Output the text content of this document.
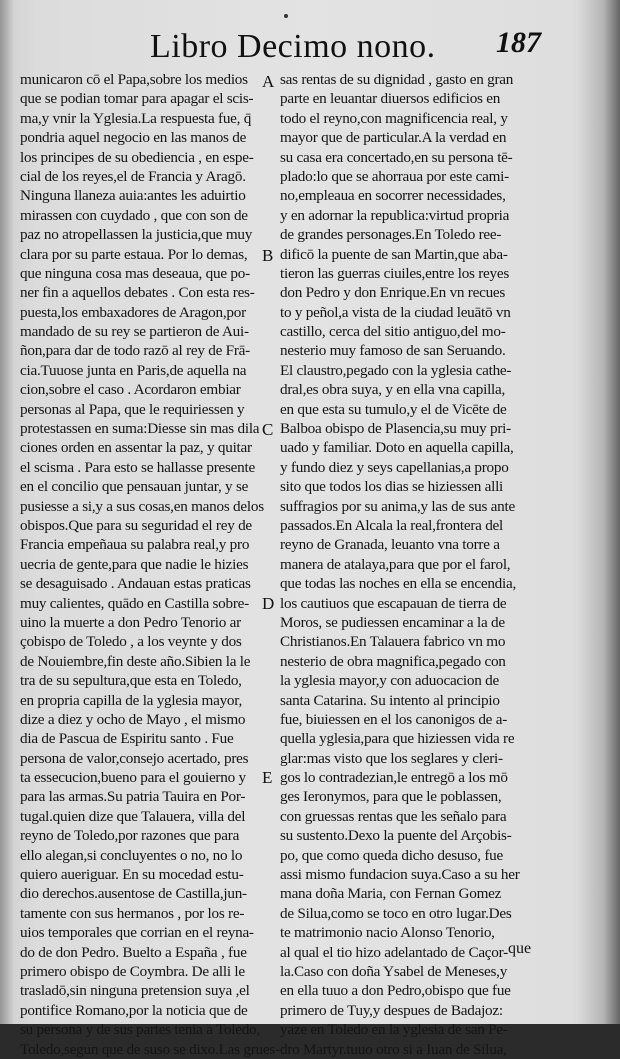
Libro Decimo nono. 187
municaron cō el Papa,sobre los medios
que se podian tomar para apagar el scis-
ma,y vnir la Yglesia.La respuesta fue, q̄
pondria aquel negocio en las manos de
los principes de su obediencia , en espe-
cial de los reyes,el de Francia y Aragō.
Ninguna llaneza auia:antes les aduirtio
mirassen con cuydado , que con son de
paz no atropellassen la justicia,que muy
clara por su parte estaua. Por lo demas,
que ninguna cosa mas deseaua, que po-
ner fin a aquellos debates . Con esta res-
puesta,los embaxadores de Aragon,por
mandado de su rey se partieron de Aui-
ñon,para dar de todo razō al rey de Frā-
cia.Tuuose junta en Paris,de aquella na
cion,sobre el caso . Acordaron embiar
personas al Papa, que le requiriessen y
protestassen en suma:Diesse sin mas dila
ciones orden en assentar la paz, y quitar
el scisma . Para esto se hallasse presente
en el concilio que pensauan juntar, y se
pusiesse a si,y a sus cosas,en manos delos
obispos.Que para su seguridad el rey de
Francia empeñaua su palabra real,y pro
uecria de gente,para que nadie le hizies
se desaguisado . Andauan estas praticas
muy calientes, quādo en Castilla sobre-
uino la muerte a don Pedro Tenorio ar
çobispo de Toledo , a los veynte y dos
de Nouiembre,fin deste año.Sibien la le
tra de su sepultura,que esta en Toledo,
en propria capilla de la yglesia mayor,
dize a diez y ocho de Mayo , el mismo
dia de Pascua de Espiritu santo . Fue
persona de valor,consejo acertado, pres
ta essecucion,bueno para el gouierno y
para las armas.Su patria Tauira en Por-
tugal.quien dize que Talauera, villa del
reyno de Toledo,por razones que para
ello alegan,si concluyentes o no, no lo
quiero aueriguar. En su mocedad estu-
dio derechos.ausentose de Castilla,jun-
tamente con sus hermanos , por los re-
uios temporales que corrian en el reyna-
do de don Pedro. Buelto a España , fue
primero obispo de Coymbra. De alli le
trasladō,sin ninguna pretension suya ,el
pontifice Romano,por la noticia que de
su persona y de sus partes tenia a Toledo,
Toledo,segun que de suso se dixo.Las grues-
sas rentas de su dignidad , gasto en gran
parte en leuantar diuersos edificios en
todo el reyno,con magnificencia real, y
mayor que de particular.A la verdad en
su casa era concertado,en su persona tē-
plado:lo que se ahorraua por este cami-
no,empleaua en socorrer necessidades,
y en adornar la republica:virtud propria
de grandes personages.En Toledo ree-
dificō la puente de san Martin,que aba-
tieron las guerras ciuiles,entre los reyes
don Pedro y don Enrique.En vn recues
to y peñol,a vista de la ciudad leuātō vn
castillo, cerca del sitio antiguo,del mo-
nesterio muy famoso de san Seruando.
El claustro,pegado con la yglesia cathe-
dral,es obra suya, y en ella vna capilla,
en que esta su tumulo,y el de Vicēte de
Balboa obispo de Plasencia,su muy pri-
uado y familiar. Doto en aquella capilla,
y fundo diez y seys capellanias,a propo
sito que todos los dias se hiziessen alli
suffragios por su anima,y las de sus ante
passados.En Alcala la real,frontera del
reyno de Granada, leuanto vna torre a
manera de atalaya,para que por el farol,
que todas las noches en ella se encendia,
los cautiuos que escapauan de tierra de
Moros, se pudiessen encaminar a la de
Christianos.En Talauera fabrico vn mo
nesterio de obra magnifica,pegado con
la yglesia mayor,y con aduocacion de
santa Catarina. Su intento al principio
fue, biuiessen en el los canonigos de a-
quella yglesia,para que hiziessen vida re
glar:mas visto que los seglares y cleri-
gos lo contradezian,le entregō a los mō
ges Ieronymos, para que le poblassen,
con gruessas rentas que les señalo para
su sustento.Dexo la puente del Arçobis-
po, que como queda dicho desuso, fue
assi mismo fundacion suya.Caso a su her
mana doña Maria, con Fernan Gomez
de Silua,como se toco en otro lugar.Des
te matrimonio nacio Alonso Tenorio,
al qual el tio hizo adelantado de Caçor-
la.Caso con doña Ysabel de Meneses,y
en ella tuuo a don Pedro,obispo que fue
primero de Tuy,y despues de Badajoz:
yaze en Toledo en la yglesia de san Pe-
dro Martyr.tuuo otro si a Iuan de Silua,
A
B
C
D
E
que
